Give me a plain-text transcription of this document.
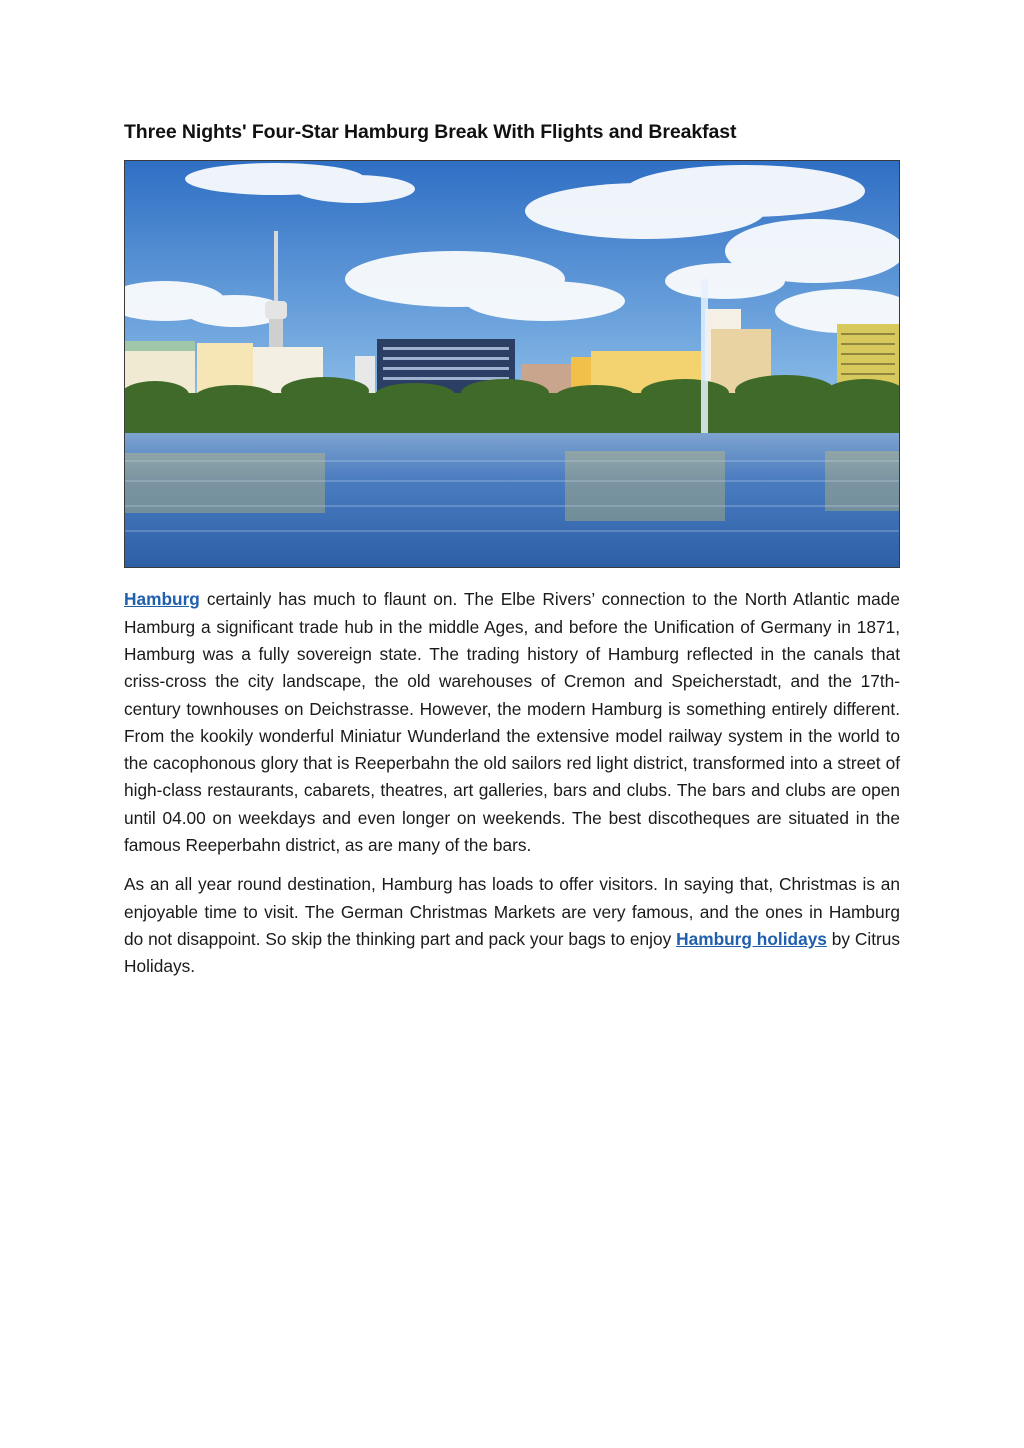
Three Nights' Four-Star Hamburg Break With Flights and Breakfast

Hamburg certainly has much to flaunt on. The Elbe Rivers’ connection to the North Atlantic made Hamburg a significant trade hub in the middle Ages, and before the Unification of Germany in 1871, Hamburg was a fully sovereign state. The trading history of Hamburg reflected in the canals that criss-cross the city landscape, the old warehouses of Cremon and Speicherstadt, and the 17th-century townhouses on Deichstrasse. However, the modern Hamburg is something entirely different. From the kookily wonderful Miniatur Wunderland the extensive model railway system in the world to the cacophonous glory that is Reeperbahn the old sailors red light district, transformed into a street of high-class restaurants, cabarets, theatres, art galleries, bars and clubs. The bars and clubs are open until 04.00 on weekdays and even longer on weekends. The best discotheques are situated in the famous Reeperbahn district, as are many of the bars.

As an all year round destination, Hamburg has loads to offer visitors. In saying that, Christmas is an enjoyable time to visit. The German Christmas Markets are very famous, and the ones in Hamburg do not disappoint. So skip the thinking part and pack your bags to enjoy Hamburg holidays by Citrus Holidays.
